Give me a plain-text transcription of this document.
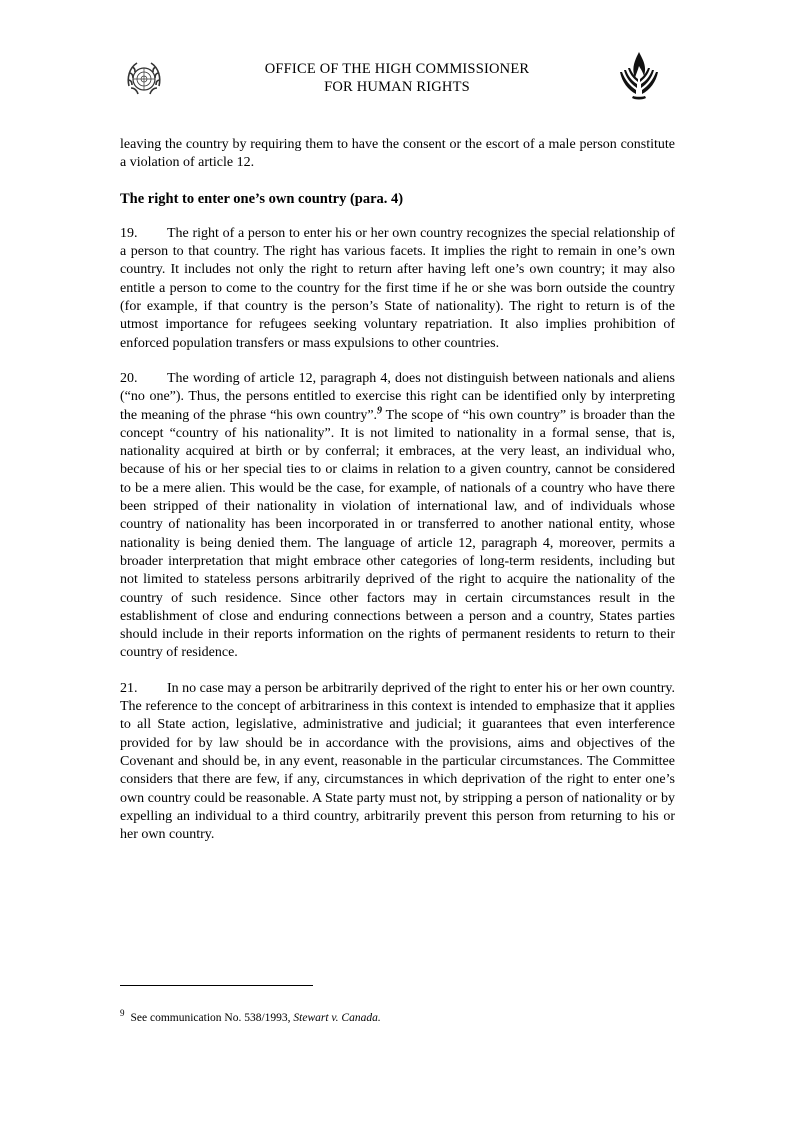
OFFICE OF THE HIGH COMMISSIONER
FOR HUMAN RIGHTS

leaving the country by requiring them to have the consent or the escort of a male person constitute a violation of article 12.

The right to enter one’s own country (para. 4)

19. The right of a person to enter his or her own country recognizes the special relationship of a person to that country. The right has various facets. It implies the right to remain in one’s own country. It includes not only the right to return after having left one’s own country; it may also entitle a person to come to the country for the first time if he or she was born outside the country (for example, if that country is the person’s State of nationality). The right to return is of the utmost importance for refugees seeking voluntary repatriation. It also implies prohibition of enforced population transfers or mass expulsions to other countries.

20. The wording of article 12, paragraph 4, does not distinguish between nationals and aliens (“no one”). Thus, the persons entitled to exercise this right can be identified only by interpreting the meaning of the phrase “his own country”.$^9$ The scope of “his own country” is broader than the concept “country of his nationality”. It is not limited to nationality in a formal sense, that is, nationality acquired at birth or by conferral; it embraces, at the very least, an individual who, because of his or her special ties to or claims in relation to a given country, cannot be considered to be a mere alien. This would be the case, for example, of nationals of a country who have there been stripped of their nationality in violation of international law, and of individuals whose country of nationality has been incorporated in or transferred to another national entity, whose nationality is being denied them. The language of article 12, paragraph 4, moreover, permits a broader interpretation that might embrace other categories of long-term residents, including but not limited to stateless persons arbitrarily deprived of the right to acquire the nationality of the country of such residence. Since other factors may in certain circumstances result in the establishment of close and enduring connections between a person and a country, States parties should include in their reports information on the rights of permanent residents to return to their country of residence.

21. In no case may a person be arbitrarily deprived of the right to enter his or her own country. The reference to the concept of arbitrariness in this context is intended to emphasize that it applies to all State action, legislative, administrative and judicial; it guarantees that even interference provided for by law should be in accordance with the provisions, aims and objectives of the Covenant and should be, in any event, reasonable in the particular circumstances. The Committee considers that there are few, if any, circumstances in which deprivation of the right to enter one’s own country could be reasonable. A State party must not, by stripping a person of nationality or by expelling an individual to a third country, arbitrarily prevent this person from returning to his or her own country.

$^9$ See communication No. 538/1993, Stewart v. Canada.
